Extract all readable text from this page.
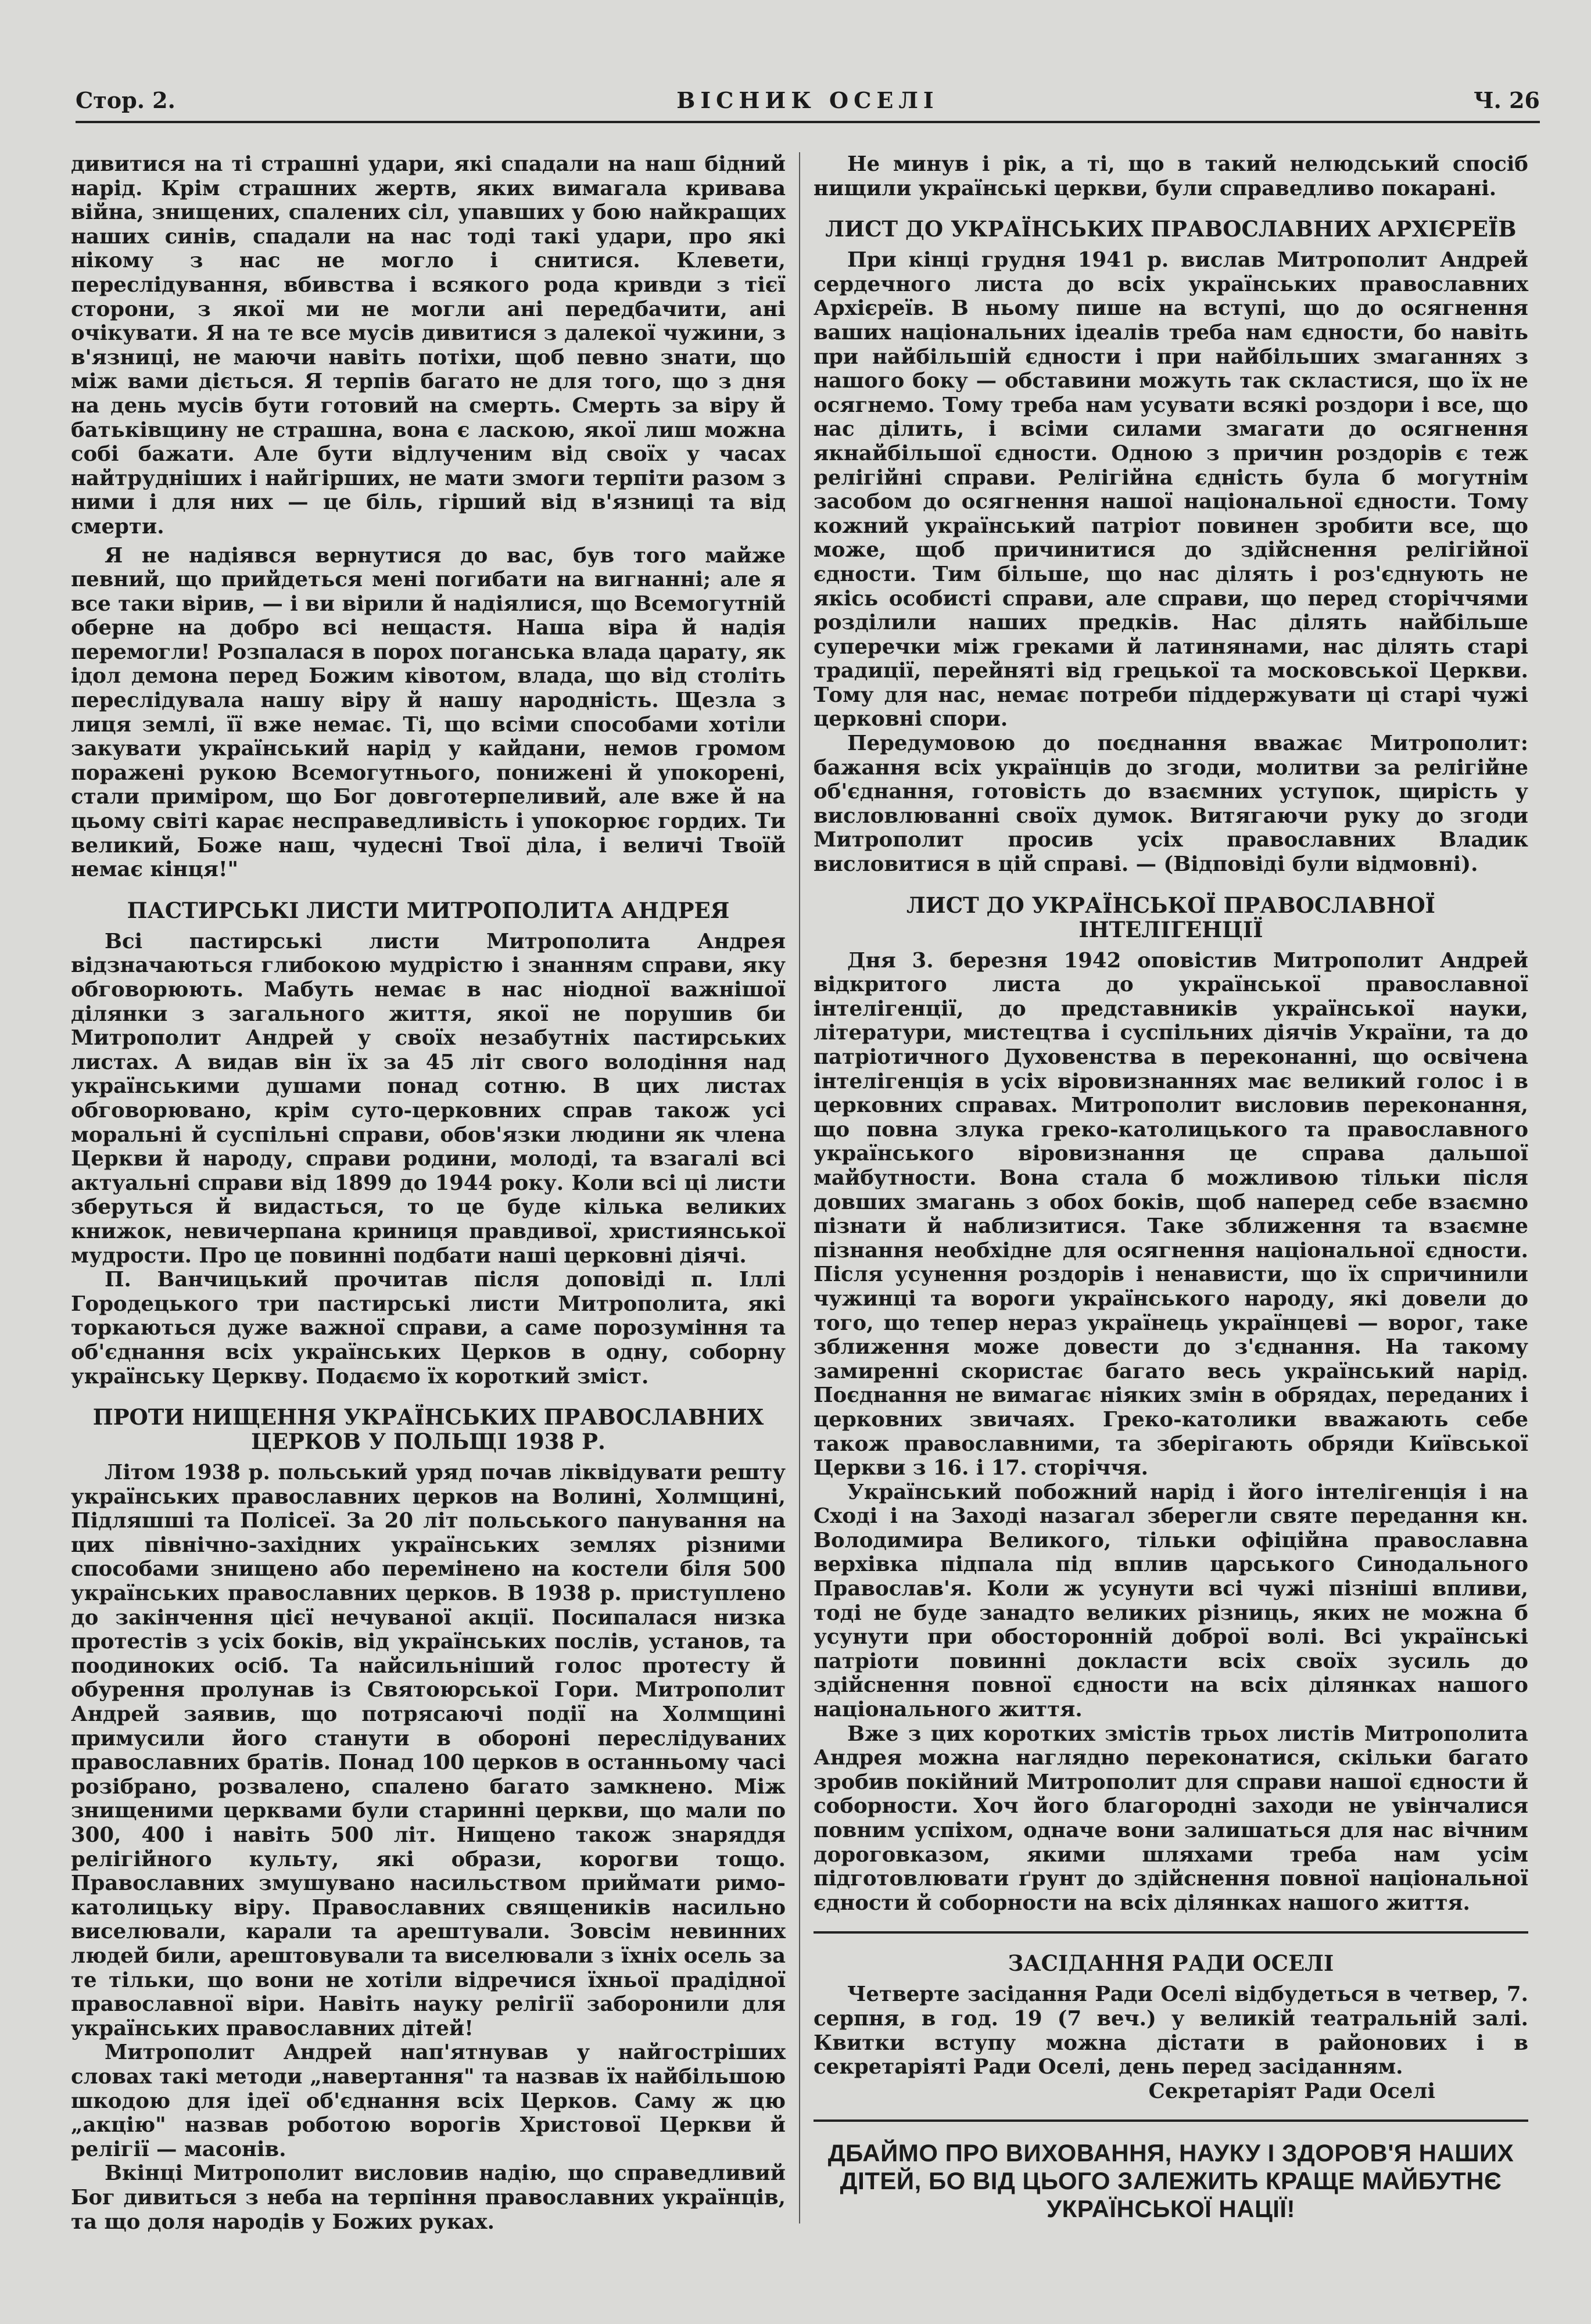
Стор. 2.	ВІСНИК ОСЕЛІ	Ч. 26

дивитися на ті страшні удари, які спадали на наш бідний нарід. Крім страшних жертв, яких вимагала кривава війна, знищених, спалених сіл, упавших у бою найкращих наших синів, спадали на нас тоді такі удари, про які нікому з нас не могло і снитися. Клевети, переслідування, вбивства і всякого рода кривди з тієї сторони, з якої ми не могли ані передбачити, ані очікувати. Я на те все мусів дивитися з далекої чужини, з в'язниці, не маючи навіть потіхи, щоб певно знати, що між вами діється. Я терпів багато не для того, що з дня на день мусів бути готовий на смерть. Смерть за віру й батьківщину не страшна, вона є ласкою, якої лиш можна собі бажати. Але бути відлученим від своїх у часах найтрудніших і найгірших, не мати змоги терпіти разом з ними і для них — це біль, гірший від в'язниці та від смерти.

Я не надіявся вернутися до вас, був того майже певний, що прийдеться мені погибати на вигнанні; але я все таки вірив, — і ви вірили й надіялися, що Всемогутній оберне на добро всі нещастя. Наша віра й надія перемогли! Розпалася в порох поганська влада царату, як ідол демона перед Божим ківотом, влада, що від століть переслідувала нашу віру й нашу народність. Щезла з лиця землі, її вже немає. Ті, що всіми способами хотіли закувати український нарід у кайдани, немов громом поражені рукою Всемогутнього, понижені й упокорені, стали приміром, що Бог довготерпеливий, але вже й на цьому світі карає несправедливість і упокорює гордих. Ти великий, Боже наш, чудесні Твої діла, і величі Твоїй немає кінця!"

ПАСТИРСЬКІ ЛИСТИ МИТРОПОЛИТА АНДРЕЯ

Всі пастирські листи Митрополита Андрея відзначаються глибокою мудрістю і знанням справи, яку обговорюють. Мабуть немає в нас ніодної важнішої ділянки з загального життя, якої не порушив би Митрополит Андрей у своїх незабутніх пастирських листах. А видав він їх за 45 літ свого володіння над українськими душами понад сотню. В цих листах обговорювано, крім суто-церковних справ також усі моральні й суспільні справи, обов'язки людини як члена Церкви й народу, справи родини, молоді, та взагалі всі актуальні справи від 1899 до 1944 року. Коли всі ці листи зберуться й видасться, то це буде кілька великих книжок, невичерпана криниця правдивої, християнської мудрости. Про це повинні подбати наші церковні діячі.

П. Ванчицький прочитав після доповіді п. Іллі Городецького три пастирські листи Митрополита, які торкаються дуже важної справи, а саме порозуміння та об'єднання всіх українських Церков в одну, соборну українську Церкву. Подаємо їх короткий зміст.

ПРОТИ НИЩЕННЯ УКРАЇНСЬКИХ ПРАВОСЛАВНИХ ЦЕРКОВ У ПОЛЬЩІ 1938 Р.

Літом 1938 р. польський уряд почав ліквідувати решту українських православних церков на Волині, Холмщині, Підляшші та Полісеї. За 20 літ польського панування на цих північно-західних українських землях різними способами знищено або перемінено на костели біля 500 українських православних церков. В 1938 р. приступлено до закінчення цієї нечуваної акції. Посипалася низка протестів з усіх боків, від українських послів, установ, та поодиноких осіб. Та найсильніший голос протесту й обурення пролунав із Святоюрської Гори. Митрополит Андрей заявив, що потрясаючі події на Холмщині примусили його станути в обороні переслідуваних православних братів. Понад 100 церков в останньому часі розібрано, розвалено, спалено багато замкнено. Між знищеними церквами були старинні церкви, що мали по 300, 400 і навіть 500 літ. Нищено також знаряддя релігійного культу, які образи, корогви тощо. Православних змушувано насильством приймати римо-католицьку віру. Православних священиків насильно виселювали, карали та арештували. Зовсім невинних людей били, арештовували та виселювали з їхніх осель за те тільки, що вони не хотіли відречися їхньої прадідної православної віри. Навіть науку релігії заборонили для українських православних дітей!

Митрополит Андрей нап'ятнував у найгостріших словах такі методи „навертання" та назвав їх найбільшою шкодою для ідеї об'єднання всіх Церков. Саму ж цю „акцію" назвав роботою ворогів Христової Церкви й релігії — масонів.

Вкінці Митрополит висловив надію, що справедливий Бог дивиться з неба на терпіння православних українців, та що доля народів у Божих руках.

Не минув і рік, а ті, що в такий нелюдський спосіб нищили українські церкви, були справедливо покарані.

ЛИСТ ДО УКРАЇНСЬКИХ ПРАВОСЛАВНИХ АРХІЄРЕЇВ

При кінці грудня 1941 р. вислав Митрополит Андрей сердечного листа до всіх українських православних Архієреїв. В ньому пише на вступі, що до осягнення ваших національних ідеалів треба нам єдности, бо навіть при найбільшій єдности і при найбільших змаганнях з нашого боку — обставини можуть так скластися, що їх не осягнемо. Тому треба нам усувати всякі роздори і все, що нас ділить, і всіми силами змагати до осягнення якнайбільшої єдности. Одною з причин роздорів є теж релігійні справи. Релігійна єдність була б могутнім засобом до осягнення нашої національної єдности. Тому кожний український патріот повинен зробити все, що може, щоб причинитися до здійснення релігійної єдности. Тим більше, що нас ділять і роз'єднують не якісь особисті справи, але справи, що перед сторіччями розділили наших предків. Нас ділять найбільше суперечки між греками й латинянами, нас ділять старі традиції, перейняті від грецької та московської Церкви. Тому для нас, немає потреби піддержувати ці старі чужі церковні спори.

Передумовою до поєднання вважає Митрополит: бажання всіх українців до згоди, молитви за релігійне об'єднання, готовість до взаємних уступок, щирість у висловлюванні своїх думок. Витягаючи руку до згоди Митрополит просив усіх православних Владик висловитися в цій справі. — (Відповіді були відмовні).

ЛИСТ ДО УКРАЇНСЬКОЇ ПРАВОСЛАВНОЇ ІНТЕЛІГЕНЦІЇ

Дня 3. березня 1942 оповістив Митрополит Андрей відкритого листа до української православної інтелігенції, до представників української науки, літератури, мистецтва і суспільних діячів України, та до патріотичного Духовенства в переконанні, що освічена інтелігенція в усіх віровизнаннях має великий голос і в церковних справах. Митрополит висловив переконання, що повна злука греко-католицького та православного українського віровизнання це справа дальшої майбутности. Вона стала б можливою тільки після довших змагань з обох боків, щоб наперед себе взаємно пізнати й наблизитися. Таке зближення та взаємне пізнання необхідне для осягнення національної єдности. Після усунення роздорів і ненависти, що їх спричинили чужинці та вороги українського народу, які довели до того, що тепер нераз українець українцеві — ворог, таке зближення може довести до з'єднання. На такому замиренні скористає багато весь український нарід. Поєднання не вимагає ніяких змін в обрядах, переданих і церковних звичаях. Греко-католики вважають себе також православними, та зберігають обряди Київської Церкви з 16. і 17. сторіччя.

Український побожний нарід і його інтелігенція і на Сході і на Заході назагал зберегли святе передання кн. Володимира Великого, тільки офіційна православна верхівка підпала під вплив царського Синодального Православ'я. Коли ж усунути всі чужі пізніші впливи, тоді не буде занадто великих різниць, яких не можна б усунути при обосторонній доброї волі. Всі українські патріоти повинні докласти всіх своїх зусиль до здійснення повної єдности на всіх ділянках нашого національного життя.

Вже з цих коротких змістів трьох листів Митрополита Андрея можна наглядно переконатися, скільки багато зробив покійний Митрополит для справи нашої єдности й соборности. Хоч його благородні заходи не увінчалися повним успіхом, одначе вони залишаться для нас вічним дороговказом, якими шляхами треба нам усім підготовлювати ґрунт до здійснення повної національної єдности й соборности на всіх ділянках нашого життя.

ЗАСІДАННЯ РАДИ ОСЕЛІ

Четверте засідання Ради Оселі відбудеться в четвер, 7. серпня, в год. 19 (7 веч.) у великій театральній залі. Квитки вступу можна дістати в районових і в секретаріяті Ради Оселі, день перед засіданням.

Секретаріят Ради Оселі

ДБАЙМО ПРО ВИХОВАННЯ, НАУКУ І ЗДОРОВ'Я НАШИХ ДІТЕЙ, БО ВІД ЦЬОГО ЗАЛЕЖИТЬ КРАЩЕ МАЙБУТНЄ УКРАЇНСЬКОЇ НАЦІЇ!
